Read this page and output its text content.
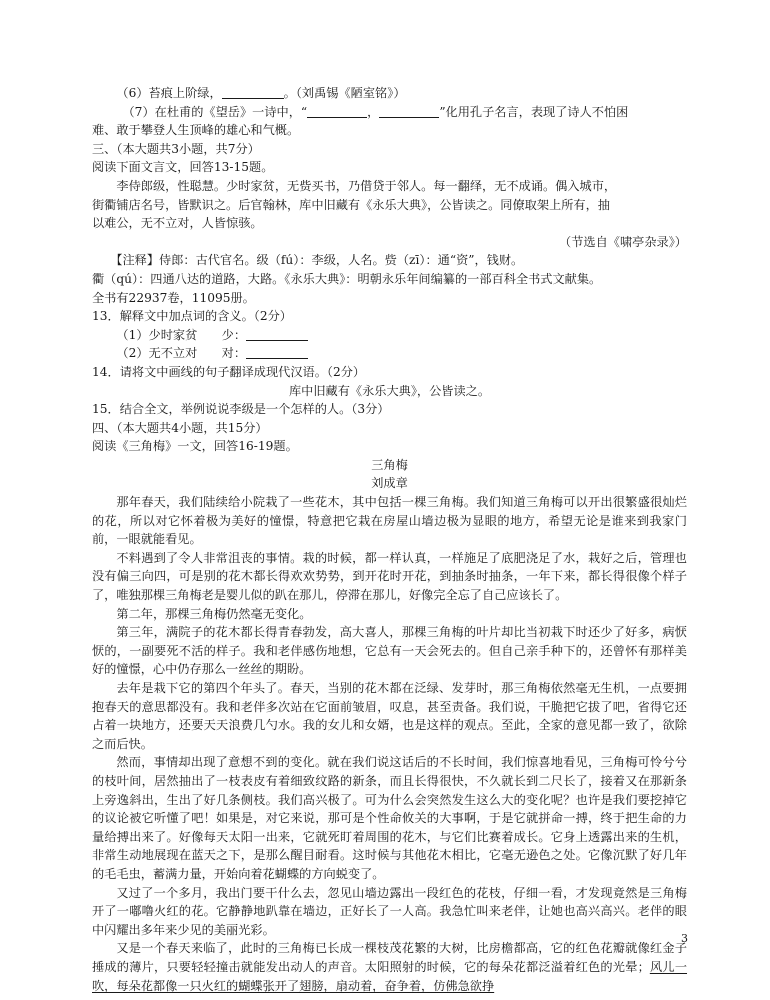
（6）苔痕上阶绿，	。（刘禹锡《陋室铭》）

（7）在杜甫的《望岳》一诗中，“	，	”化用孔子名言，表现了诗人不怕困

难、敢于攀登人生顶峰的雄心和气概。

三、（本大题共3小题，共7分）

阅读下面文言文，回答13-15题。

李侍郎级，性聪慧。少时家贫，无赀买书，乃借贷于邻人。每一翻绎，无不成诵。偶入城市，

街衢铺店名号，皆默识之。后官翰林，库中旧藏有《永乐大典》，公皆读之。同僚取架上所有，抽

以难公，无不立对，人皆惊骇。

（节选自《啸亭杂录》）

【注释】侍郎：古代官名。级（fú）：李级，人名。赀（zī）：通“资”，钱财。

衢（qú）：四通八达的道路，大路。《永乐大典》：明朝永乐年间编纂的一部百科全书式文献集。

全书有22937卷，11095册。

13．解释文中加点词的含义。（2分）

（1）少时家贫　　少：

（2）无不立对　　对：

14．请将文中画线的句子翻译成现代汉语。（2分）

库中旧藏有《永乐大典》，公皆读之。

15．结合全文，举例说说李级是一个怎样的人。（3分）

四、（本大题共4小题，共15分）

阅读《三角梅》一文，回答16-19题。

三角梅

刘成章

那年春天，我们陆续给小院栽了一些花木，其中包括一棵三角梅。我们知道三角梅可以开出很繁盛很灿烂的花，所以对它怀着极为美好的憧憬，特意把它栽在房屋山墙边极为显眼的地方，希望无论是谁来到我家门前，一眼就能看见。

不料遇到了令人非常沮丧的事情。栽的时候，都一样认真，一样施足了底肥浇足了水，栽好之后，管理也没有偏三向四，可是别的花木都长得欢欢势势，到开花时开花，到抽条时抽条，一年下来，都长得很像个样子了，唯独那棵三角梅老是婴儿似的趴在那儿，停滞在那儿，好像完全忘了自己应该长了。

第二年，那棵三角梅仍然毫无变化。

第三年，满院子的花木都长得青春勃发，高大喜人，那棵三角梅的叶片却比当初栽下时还少了好多，病恹恹的，一副要死不活的样子。我和老伴感伤地想，它总有一天会死去的。但自己亲手种下的，还曾怀有那样美好的憧憬，心中仍存那么一丝丝的期盼。

去年是栽下它的第四个年头了。春天，当别的花木都在泛绿、发芽时，那三角梅依然毫无生机，一点要拥抱春天的意思都没有。我和老伴多次站在它面前皱眉，叹息，甚至责备。我们说，干脆把它拔了吧，省得它还占着一块地方，还要天天浪费几勺水。我的女儿和女婿，也是这样的观点。至此，全家的意见都一致了，欲除之而后快。

然而，事情却出现了意想不到的变化。就在我们说这话后的不长时间，我们惊喜地看见，三角梅可怜兮兮的枝叶间，居然抽出了一枝表皮有着细致纹路的新条，而且长得很快，不久就长到二尺长了，接着又在那新条上旁逸斜出，生出了好几条侧枝。我们高兴极了。可为什么会突然发生这么大的变化呢？也许是我们要挖掉它的议论被它听懂了吧！如果是，对它来说，那可是个性命攸关的大事啊，于是它就拼命一搏，终于把生命的力量给搏出来了。好像每天太阳一出来，它就死盯着周围的花木，与它们比赛着成长。它身上透露出来的生机，非常生动地展现在蓝天之下，是那么醒目耐看。这时候与其他花木相比，它毫无逊色之处。它像沉默了好几年的毛毛虫，蓄满力量，开始向着花蝴蝶的方向蜕变了。

又过了一个多月，我出门要干什么去，忽见山墙边露出一段红色的花枝，仔细一看，才发现竟然是三角梅开了一嘟噜火红的花。它静静地趴靠在墙边，正好长了一人高。我急忙叫来老伴，让她也高兴高兴。老伴的眼中闪耀出多年来少见的美丽光彩。

又是一个春天来临了，此时的三角梅已长成一棵枝茂花繁的大树，比房檐都高，它的红色花瓣就像红金子捶成的薄片，只要轻轻撞击就能发出动人的声音。太阳照射的时候，它的每朵花都泛溢着红色的光晕；风儿一吹，每朵花都像一只火红的蝴蝶张开了翅膀，扇动着，奋争着，仿佛急欲挣

3
